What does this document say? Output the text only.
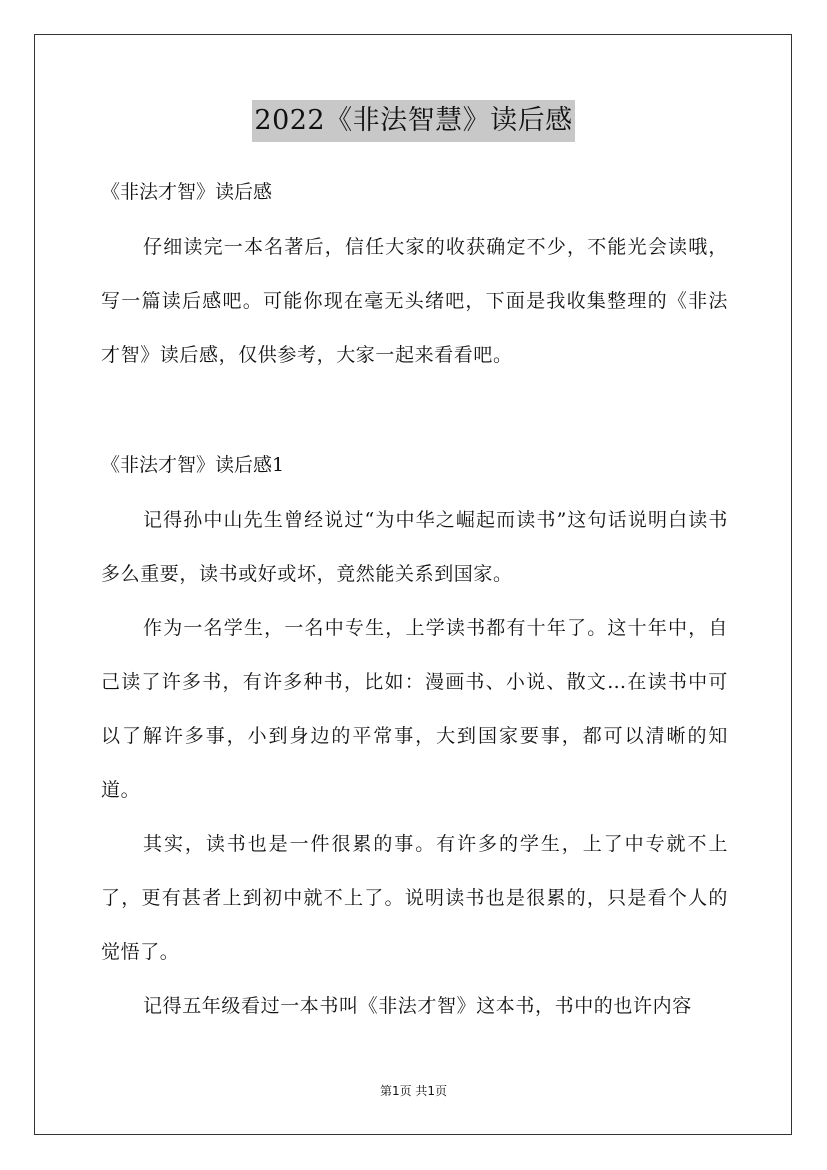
2022《非法智慧》读后感
《非法才智》读后感
仔细读完一本名著后，信任大家的收获确定不少，不能光会读哦，写一篇读后感吧。可能你现在毫无头绪吧，下面是我收集整理的《非法才智》读后感，仅供参考，大家一起来看看吧。
《非法才智》读后感1
记得孙中山先生曾经说过“为中华之崛起而读书”这句话说明白读书多么重要，读书或好或坏，竟然能关系到国家。
作为一名学生，一名中专生，上学读书都有十年了。这十年中，自己读了许多书，有许多种书，比如：漫画书、小说、散文…在读书中可以了解许多事，小到身边的平常事，大到国家要事，都可以清晰的知道。
其实，读书也是一件很累的事。有许多的学生，上了中专就不上了，更有甚者上到初中就不上了。说明读书也是很累的，只是看个人的觉悟了。
记得五年级看过一本书叫《非法才智》这本书，书中的也许内容
第1页 共1页
